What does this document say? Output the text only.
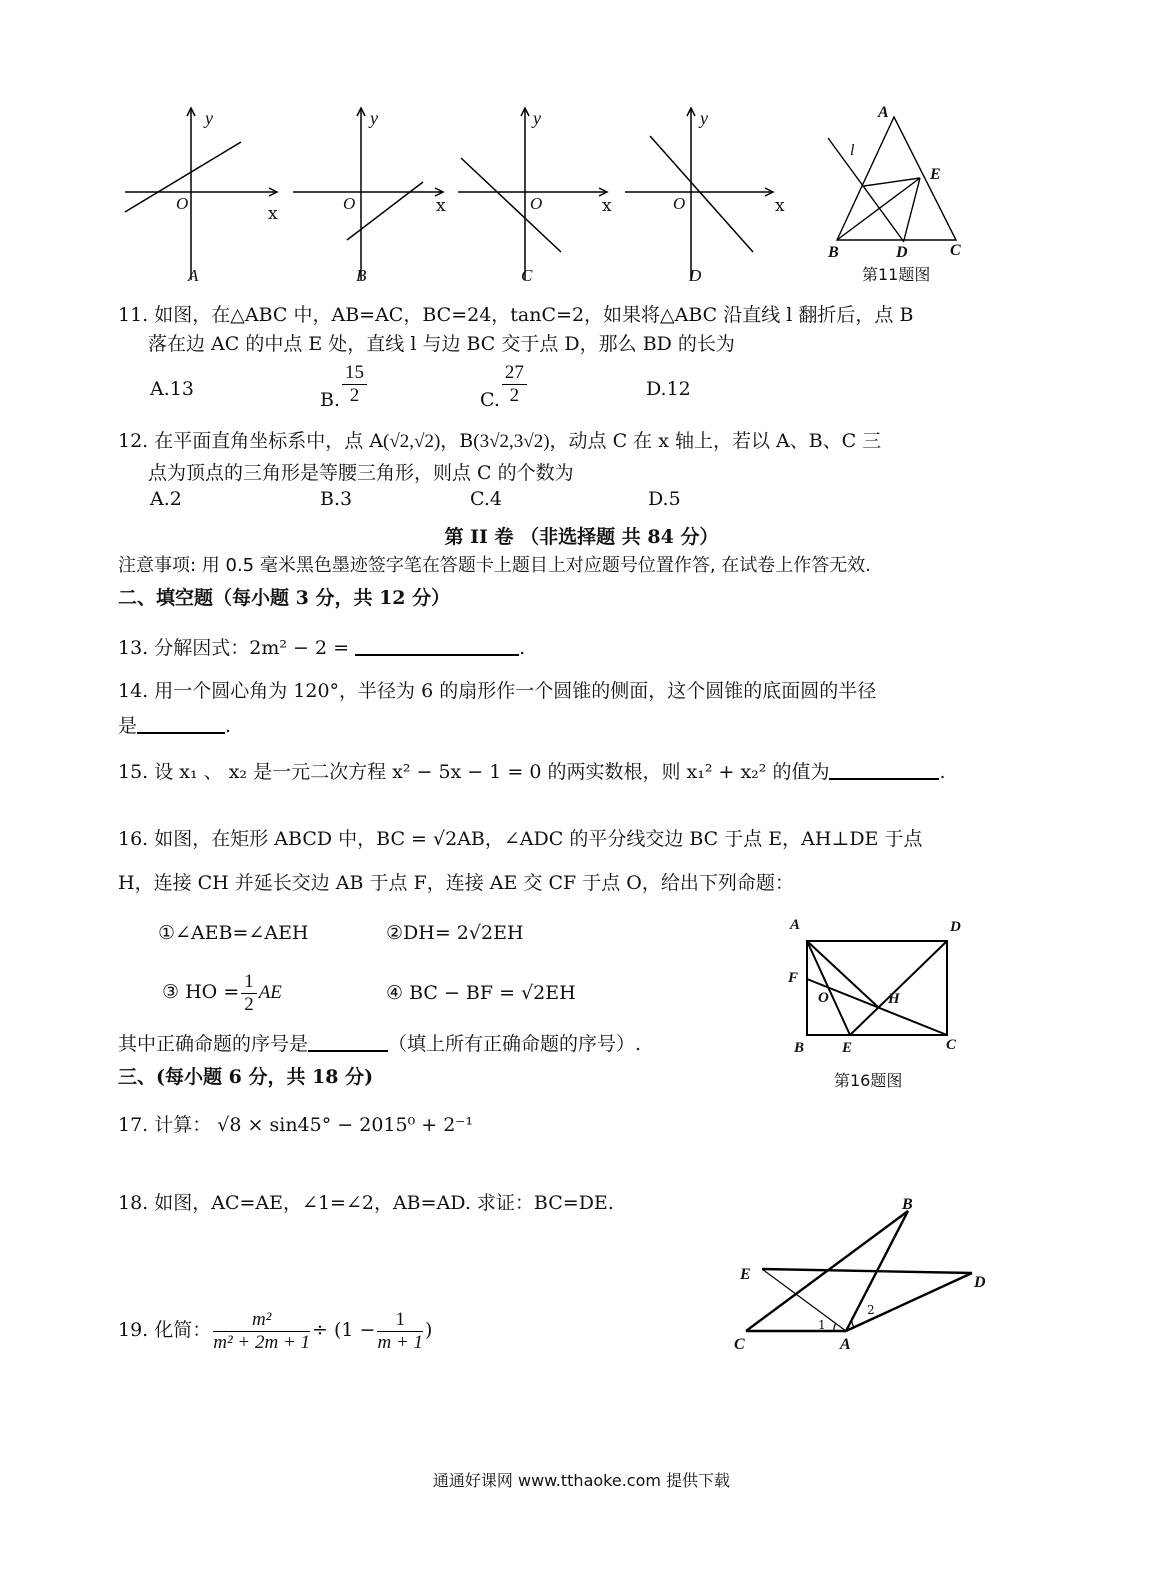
y
O
x
A
y
O	x
B
y
O	x
C
y
O	x
D
A
l
E
B	D	C
第11题图
11. 如图，在△ABC 中，AB=AC，BC=24，tanC=2，如果将△ABC 沿直线 l 翻折后，点 B
落在边 AC 的中点 E 处，直线 l 与边 BC 交于点 D，那么 BD 的长为
A.13	B. $\frac{15}{2}$	C. $\frac{27}{2}$	D.12
12. 在平面直角坐标系中，点 A(√2,√2)，B(3√2,3√2)，动点 C 在 x 轴上，若以 A、B、C 三
点为顶点的三角形是等腰三角形，则点 C 的个数为
A.2	B.3	C.4	D.5
第 II 卷 （非选择题 共 84 分）
注意事项: 用 0.5 毫米黑色墨迹签字笔在答题卡上题目上对应题号位置作答, 在试卷上作答无效.
二、填空题（每小题 3 分，共 12 分）
13. 分解因式：2m² − 2 =	.
14. 用一个圆心角为 120°，半径为 6 的扇形作一个圆锥的侧面，这个圆锥的底面圆的半径
是	.
15. 设 x₁ 、 x₂ 是一元二次方程 x² − 5x − 1 = 0 的两实数根，则 x₁² + x₂² 的值为	.
16. 如图，在矩形 ABCD 中，BC = √2AB，∠ADC 的平分线交边 BC 于点 E，AH⊥DE 于点
H，连接 CH 并延长交边 AB 于点 F，连接 AE 交 CF 于点 O，给出下列命题：
①∠AEB=∠AEH	②DH= 2√2EH
③ HO = $\frac{1}{2}$ AE	④ BC − BF = √2EH
其中正确命题的序号是	（填上所有正确命题的序号）.
A	D
F
O	H
B	E	C
第16题图
三、(每小题 6 分，共 18 分)
17. 计算： √8 × sin45° − 2015⁰ + 2⁻¹
18. 如图，AC=AE，∠1=∠2，AB=AD. 求证：BC=DE.	B
E	D
C	A
1
2
19. 化简： $\frac{\text{m²}}{\text{m² + 2m + 1}} \div (1 - \frac{1}{m + 1}$ )
通通好课网 www.tthaoke.com 提供下载
